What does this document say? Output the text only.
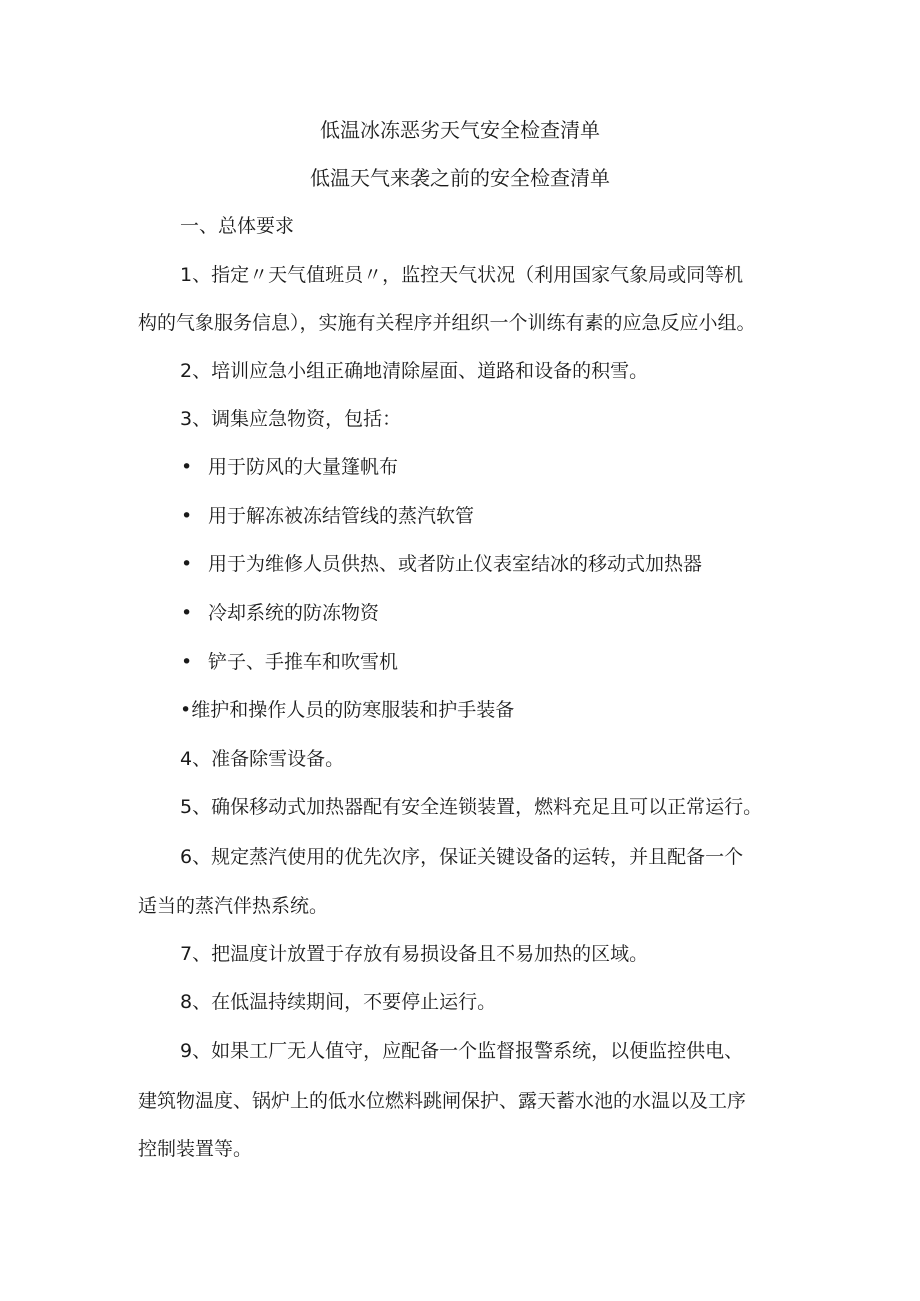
低温冰冻恶劣天气安全检查清单
低温天气来袭之前的安全检查清单
一、总体要求
1、指定〃天气值班员〃，监控天气状况（利用国家气象局或同等机
构的气象服务信息），实施有关程序并组织一个训练有素的应急反应小组。
2、培训应急小组正确地清除屋面、道路和设备的积雪。
3、调集应急物资，包括：
• 用于防风的大量篷帆布
• 用于解冻被冻结管线的蒸汽软管
• 用于为维修人员供热、或者防止仪表室结冰的移动式加热器
• 冷却系统的防冻物资
• 铲子、手推车和吹雪机
•维护和操作人员的防寒服装和护手装备
4、准备除雪设备。
5、确保移动式加热器配有安全连锁装置，燃料充足且可以正常运行。
6、规定蒸汽使用的优先次序，保证关键设备的运转，并且配备一个
适当的蒸汽伴热系统。
7、把温度计放置于存放有易损设备且不易加热的区域。
8、在低温持续期间，不要停止运行。
9、如果工厂无人值守，应配备一个监督报警系统，以便监控供电、
建筑物温度、锅炉上的低水位燃料跳闸保护、露天蓄水池的水温以及工序
控制装置等。
